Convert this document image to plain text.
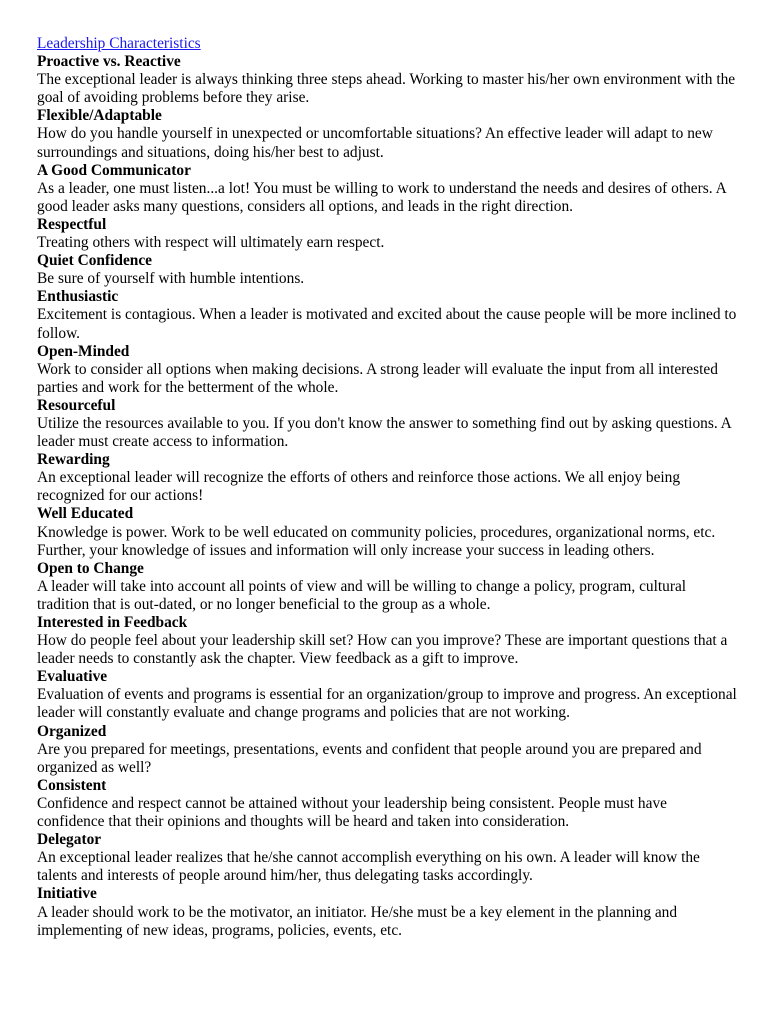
Leadership Characteristics
Proactive vs. Reactive

The exceptional leader is always thinking three steps ahead. Working to master his/her own environment with the goal of avoiding problems before they arise.

Flexible/Adaptable

How do you handle yourself in unexpected or uncomfortable situations? An effective leader will adapt to new surroundings and situations, doing his/her best to adjust.

A Good Communicator

As a leader, one must listen...a lot! You must be willing to work to understand the needs and desires of others. A good leader asks many questions, considers all options, and leads in the right direction.

Respectful

Treating others with respect will ultimately earn respect.

Quiet Confidence

Be sure of yourself with humble intentions.

Enthusiastic

Excitement is contagious. When a leader is motivated and excited about the cause people will be more inclined to follow.

Open-Minded

Work to consider all options when making decisions. A strong leader will evaluate the input from all interested parties and work for the betterment of the whole.

Resourceful

Utilize the resources available to you. If you don't know the answer to something find out by asking questions. A leader must create access to information.

Rewarding

An exceptional leader will recognize the efforts of others and reinforce those actions. We all enjoy being recognized for our actions!

Well Educated

Knowledge is power. Work to be well educated on community policies, procedures, organizational norms, etc. Further, your knowledge of issues and information will only increase your success in leading others.

Open to Change

A leader will take into account all points of view and will be willing to change a policy, program, cultural tradition that is out-dated, or no longer beneficial to the group as a whole.

Interested in Feedback

How do people feel about your leadership skill set? How can you improve? These are important questions that a leader needs to constantly ask the chapter. View feedback as a gift to improve.

Evaluative

Evaluation of events and programs is essential for an organization/group to improve and progress. An exceptional leader will constantly evaluate and change programs and policies that are not working.

Organized

Are you prepared for meetings, presentations, events and confident that people around you are prepared and organized as well?

Consistent

Confidence and respect cannot be attained without your leadership being consistent. People must have confidence that their opinions and thoughts will be heard and taken into consideration.

Delegator

An exceptional leader realizes that he/she cannot accomplish everything on his own. A leader will know the talents and interests of people around him/her, thus delegating tasks accordingly.

Initiative

A leader should work to be the motivator, an initiator. He/she must be a key element in the planning and implementing of new ideas, programs, policies, events, etc.
